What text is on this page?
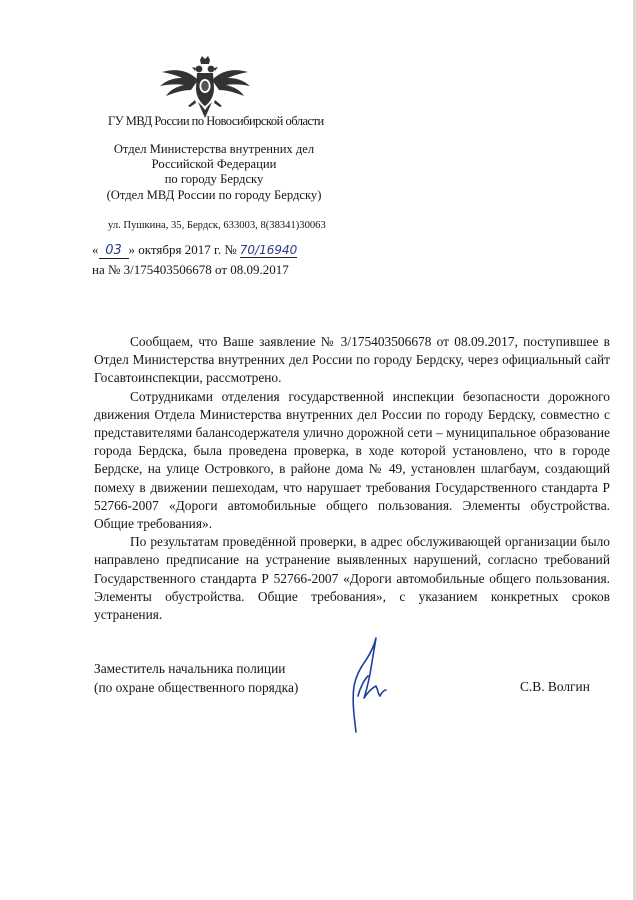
ГУ МВД России по Новосибирской области
Отдел Министерства внутренних дел
Российской Федерации
по городу Бердску
(Отдел МВД России по городу Бердску)
ул. Пушкина, 35, Бердск, 633003, 8(38341)30063
« 03 » октября 2017 г. № 70/16940
на № 3/175403506678 от 08.09.2017

Сообщаем, что Ваше заявление № 3/175403506678 от 08.09.2017, поступившее в Отдел Министерства внутренних дел России по городу Бердску, через официальный сайт Госавтоинспекции, рассмотрено.

Сотрудниками отделения государственной инспекции безопасности дорожного движения Отдела Министерства внутренних дел России по городу Бердску, совместно с представителями балансодержателя улично дорожной сети – муниципальное образование города Бердска, была проведена проверка, в ходе которой установлено, что в городе Бердске, на улице Островкого, в районе дома № 49, установлен шлагбаум, создающий помеху в движении пешеходам, что нарушает требования Государственного стандарта Р 52766-2007 «Дороги автомобильные общего пользования. Элементы обустройства. Общие требования».

По результатам проведённой проверки, в адрес обслуживающей организации было направлено предписание на устранение выявленных нарушений, согласно требований Государственного стандарта Р 52766-2007 «Дороги автомобильные общего пользования. Элементы обустройства. Общие требования», с указанием конкретных сроков устранения.

Заместитель начальника полиции
(по охране общественного порядка)	С.В. Волгин
